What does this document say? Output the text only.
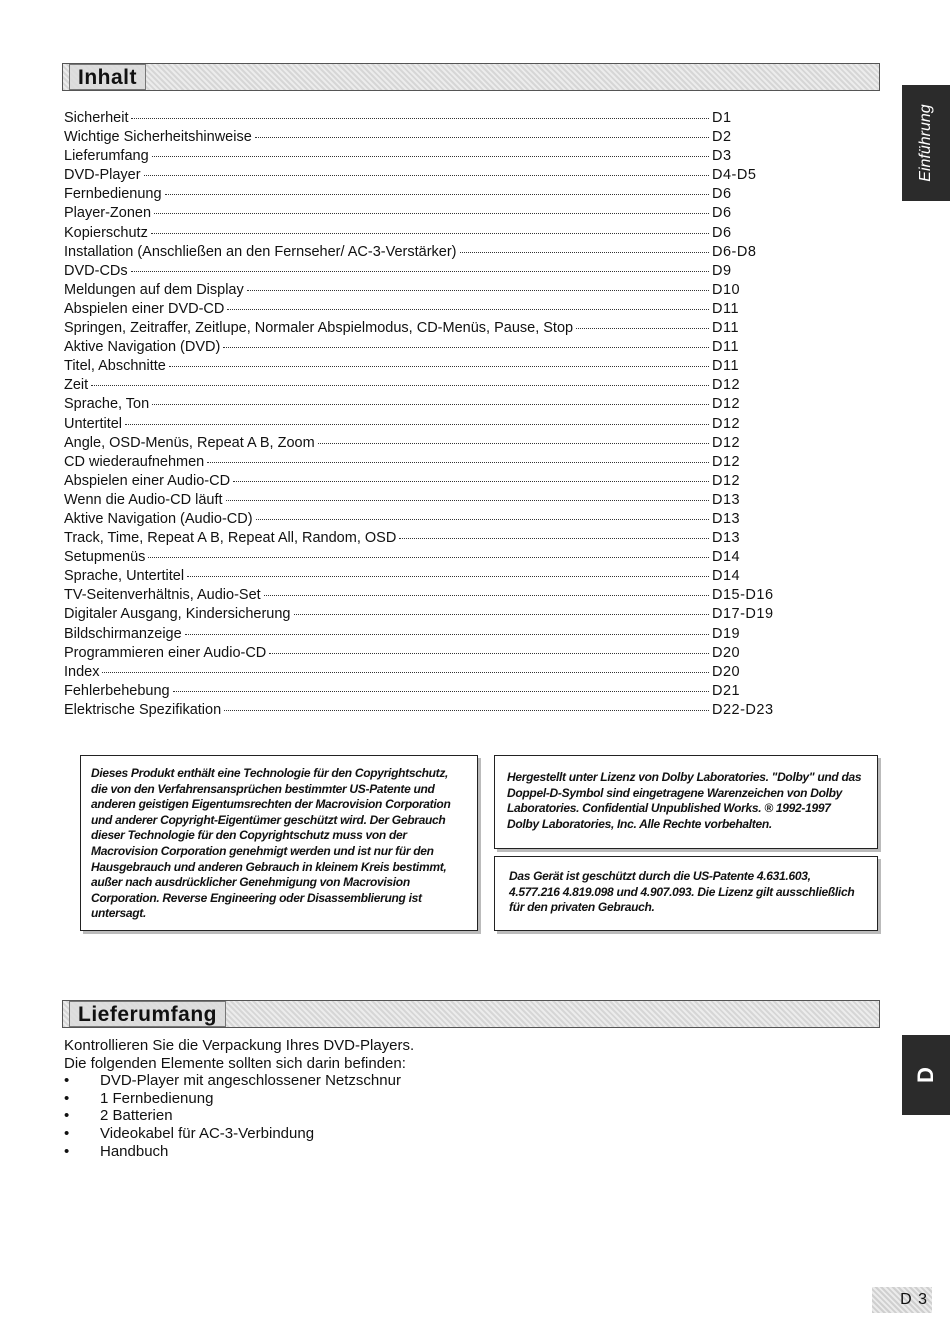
Inhalt
Sicherheit	D1
Wichtige Sicherheitshinweise	D2
Lieferumfang	D3
DVD-Player	D4-D5
Fernbedienung	D6
Player-Zonen	D6
Kopierschutz	D6
Installation (Anschließen an den Fernseher/ AC-3-Verstärker)	D6-D8
DVD-CDs	D9
Meldungen auf dem Display	D10
Abspielen einer DVD-CD	D11
Springen, Zeitraffer, Zeitlupe, Normaler Abspielmodus, CD-Menüs, Pause, Stop	D11
Aktive Navigation (DVD)	D11
Titel, Abschnitte	D11
Zeit	D12
Sprache, Ton	D12
Untertitel	D12
Angle, OSD-Menüs, Repeat A B, Zoom	D12
CD wiederaufnehmen	D12
Abspielen einer Audio-CD	D12
Wenn die Audio-CD läuft	D13
Aktive Navigation (Audio-CD)	D13
Track, Time, Repeat A B, Repeat All, Random, OSD	D13
Setupmenüs	D14
Sprache, Untertitel	D14
TV-Seitenverhältnis, Audio-Set	D15-D16
Digitaler Ausgang, Kindersicherung	D17-D19
Bildschirmanzeige	D19
Programmieren einer Audio-CD	D20
Index	D20
Fehlerbehebung	D21
Elektrische Spezifikation	D22-D23
Einführung
D
Dieses Produkt enthält eine Technologie für den Copyrightschutz, die von den Verfahrensansprüchen bestimmter US-Patente und anderen geistigen Eigentumsrechten der Macrovision Corporation und anderer Copyright-Eigentümer geschützt wird. Der Gebrauch dieser Technologie für den Copyrightschutz muss von der Macrovision Corporation genehmigt werden und ist nur für den Hausgebrauch und anderen Gebrauch in kleinem Kreis bestimmt, außer nach ausdrücklicher Genehmigung von Macrovision Corporation. Reverse Engineering oder Disassemblierung ist untersagt.
Hergestellt unter Lizenz von Dolby Laboratories. "Dolby" und das Doppel-D-Symbol sind eingetragene Warenzeichen von Dolby Laboratories. Confidential Unpublished Works. ® 1992-1997 Dolby Laboratories, Inc. Alle Rechte vorbehalten.
Das Gerät ist geschützt durch die US-Patente 4.631.603, 4.577.216 4.819.098 und 4.907.093. Die Lizenz gilt ausschließlich für den privaten Gebrauch.
Lieferumfang

Kontrollieren Sie die Verpackung Ihres DVD-Players.

Die folgenden Elemente sollten sich darin befinden:

• DVD-Player mit angeschlossener Netzschnur
• 1 Fernbedienung
• 2 Batterien
• Videokabel für AC-3-Verbindung
• Handbuch
D 3
